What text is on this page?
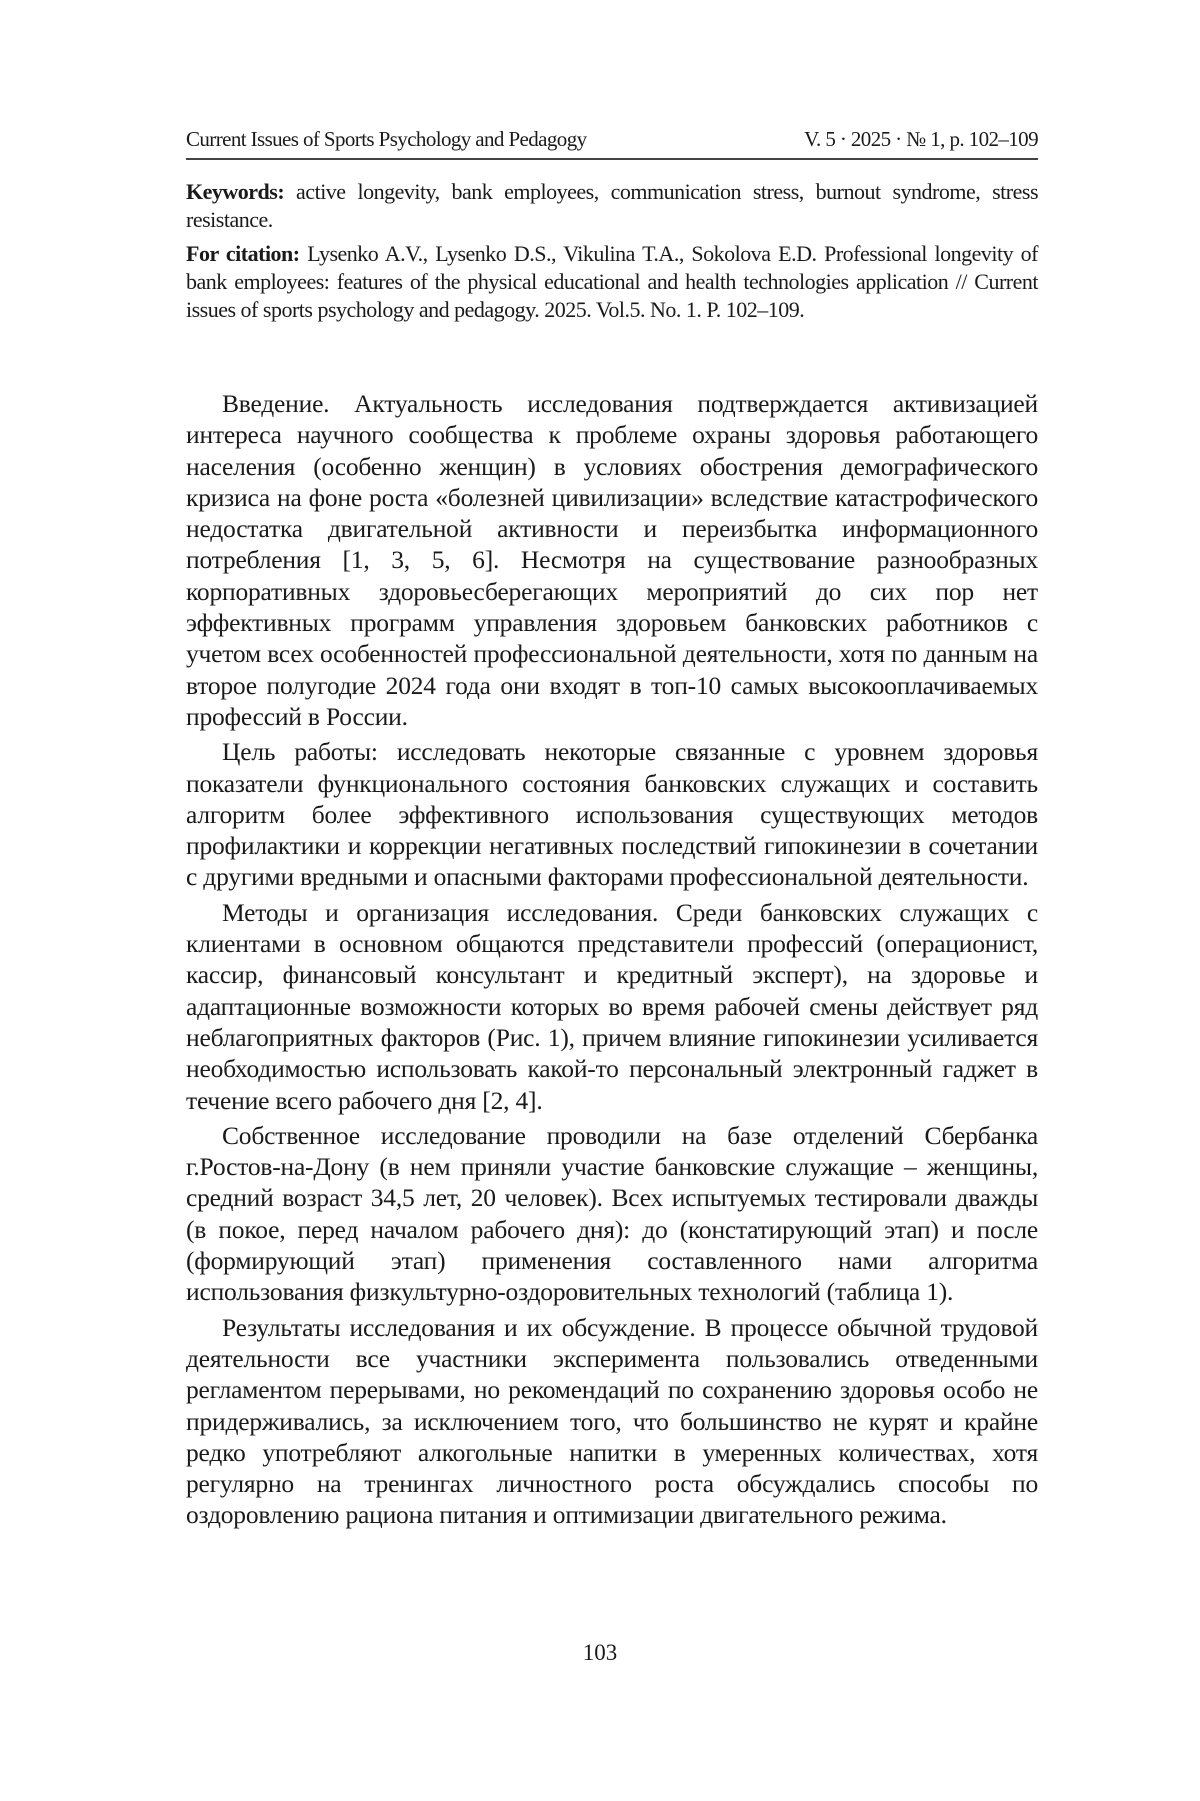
Current Issues of Sports Psychology and Pedagogy	V. 5 · 2025 · № 1, p. 102–109

Keywords: active longevity, bank employees, communication stress, burnout syndrome, stress resistance.

For citation: Lysenko A.V., Lysenko D.S., Vikulina T.A., Sokolova E.D. Professional longevity of bank employees: features of the physical educational and health technologies application // Current issues of sports psychology and pedagogy. 2025. Vol.5. No. 1. P. 102–109.

Введение. Актуальность исследования подтверждается активизацией интереса научного сообщества к проблеме охраны здоровья работающего населения (особенно женщин) в условиях обострения демографического кризиса на фоне роста «болезней цивилизации» вследствие катастрофического недостатка двигательной активности и переизбытка информационного потребления [1, 3, 5, 6]. Несмотря на существование разнообразных корпоративных здоровьесберегающих мероприятий до сих пор нет эффективных программ управления здоровьем банковских работников с учетом всех особенностей профессиональной деятельности, хотя по данным на второе полугодие 2024 года они входят в топ-10 самых высокооплачиваемых профессий в России.

Цель работы: исследовать некоторые связанные с уровнем здоровья показатели функционального состояния банковских служащих и составить алгоритм более эффективного использования существующих методов профилактики и коррекции негативных последствий гипокинезии в сочетании с другими вредными и опасными факторами профессиональной деятельности.

Методы и организация исследования. Среди банковских служащих с клиентами в основном общаются представители профессий (операционист, кассир, финансовый консультант и кредитный эксперт), на здоровье и адаптационные возможности которых во время рабочей смены действует ряд неблагоприятных факторов (Рис. 1), причем влияние гипокинезии усиливается необходимостью использовать какой-то персональный электронный гаджет в течение всего рабочего дня [2, 4].

Собственное исследование проводили на базе отделений Сбербанка г.Ростов-на-Дону (в нем приняли участие банковские служащие – женщины, средний возраст 34,5 лет, 20 человек). Всех испытуемых тестировали дважды (в покое, перед началом рабочего дня): до (констатирующий этап) и после (формирующий этап) применения составленного нами алгоритма использования физкультурно-оздоровительных технологий (таблица 1).

Результаты исследования и их обсуждение. В процессе обычной трудовой деятельности все участники эксперимента пользовались отведенными регламентом перерывами, но рекомендаций по сохранению здоровья особо не придерживались, за исключением того, что большинство не курят и крайне редко употребляют алкогольные напитки в умеренных количествах, хотя регулярно на тренингах личностного роста обсуждались способы по оздоровлению рациона питания и оптимизации двигательного режима.

103
